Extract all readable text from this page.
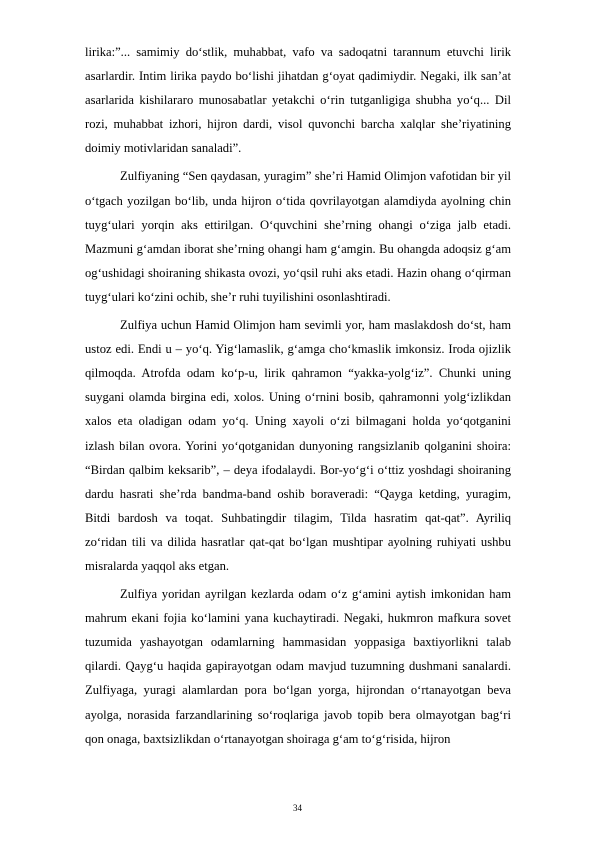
lirika:”... samimiy do‘stlik, muhabbat, vafo va sadoqatni tarannum etuvchi lirik asarlardir. Intim lirika paydo bo‘lishi jihatdan g‘oyat qadimiydir. Negaki, ilk san’at asarlarida kishilararo munosabatlar yetakchi o‘rin tutganligiga shubha yo‘q... Dil rozi, muhabbat izhori, hijron dardi, visol quvonchi barcha xalqlar she’riyatining doimiy motivlaridan sanaladi”.

Zulfiyaning “Sen qaydasan, yuragim” she’ri Hamid Olimjon vafotidan bir yil o‘tgach yozilgan bo‘lib, unda hijron o‘tida qovrilayotgan alamdiyda ayolning chin tuyg‘ulari yorqin aks ettirilgan. O‘quvchini she’rning ohangi o‘ziga jalb etadi. Mazmuni g‘amdan iborat she’rning ohangi ham g‘amgin. Bu ohangda adoqsiz g‘am og‘ushidagi shoiraning shikasta ovozi, yo‘qsil ruhi aks etadi. Hazin ohang o‘qirman tuyg‘ulari ko‘zini ochib, she’r ruhi tuyilishini osonlashtiradi.

Zulfiya uchun Hamid Olimjon ham sevimli yor, ham maslakdosh do‘st, ham ustoz edi. Endi u – yo‘q. Yig‘lamaslik, g‘amga cho‘kmaslik imkonsiz. Iroda ojizlik qilmoqda. Atrofda odam ko‘p-u, lirik qahramon “yakka-yolg‘iz”. Chunki uning suygani olamda birgina edi, xolos. Uning o‘rnini bosib, qahramonni yolg‘izlikdan xalos eta oladigan odam yo‘q. Uning xayoli o‘zi bilmagani holda yo‘qotganini izlash bilan ovora. Yorini yo‘qotganidan dunyoning rangsizlanib qolganini shoira: “Birdan qalbim keksarib”, – deya ifodalaydi. Bor-yo‘g‘i o‘ttiz yoshdagi shoiraning dardu hasrati she’rda bandma-band oshib boraveradi: “Qayga ketding, yuragim, Bitdi bardosh va toqat. Suhbatingdir tilagim, Tilda hasratim qat-qat”. Ayriliq zo‘ridan tili va dilida hasratlar qat-qat bo‘lgan mushtipar ayolning ruhiyati ushbu misralarda yaqqol aks etgan.

Zulfiya yoridan ayrilgan kezlarda odam o‘z g‘amini aytish imkonidan ham mahrum ekani fojia ko‘lamini yana kuchaytiradi. Negaki, hukmron mafkura sovet tuzumida yashayotgan odamlarning hammasidan yoppasiga baxtiyorlikni talab qilardi. Qayg‘u haqida gapirayotgan odam mavjud tuzumning dushmani sanalardi. Zulfiyaga, yuragi alamlardan pora bo‘lgan yorga, hijrondan o‘rtanayotgan beva ayolga, norasida farzandlarining so‘roqlariga javob topib bera olmayotgan bag‘ri qon onaga, baxtsizlikdan o‘rtanayotgan shoiraga g‘am to‘g‘risida, hijron

34
